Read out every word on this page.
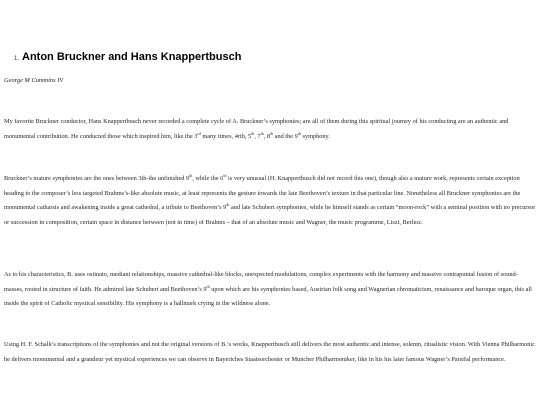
1. Anton Bruckner and Hans Knappertbusch
George M Cummins IV

My favorite Bruckner conductor, Hans Knappertbusch never recorded a complete cycle of A. Bruckner’s symphonies; are all of them during this spiritual journey of his conducting are an authentic and monumental contribution. He conducted those which inspired him, like the 3rd many times, 4rth, 5th, 7th, 8th and the 9th symphony.

Bruckner’s mature symphonies are the ones between 3th-the unfinished 9th, while the 6th is very unusual (H. Knappertbusch did not record this one), though also a mature work, represents certain exception heading to the composer’s less targeted Brahms’s-like absolute music, at least represents the gesture towards the late Beethoven’s texture in that particular line. Nonetheless all Bruckner symphonies are the monumental catharsis and awakening inside a great cathedral, a tribute to Beethoven’s 9th and late Schubert symphonies, while he himself stands as certain “moon-rock” with a seminal position with no precursor or succession in composition, certain space in distance between (not in time) of Brahms – that of an absolute music and Wagner, the music programme, Liszt, Berlioz.

As to his characteristics, B. uses ostinato, mediant relationships, massive cathedral-like blocks, unexpected modulations, complex experiments with the harmony and massive contrapuntal fusion of sound-masses, rooted in structure of faith. He admired late Schubert and Beethoven’s 9th upon which are his symphonies based, Austrian folk song and Wagnerian chromaticism, renaissance and baroque organ, this all inside the spirit of Catholic mystical sensibility. His symphony is a hallmark crying in the wildness alone.

Using H. F. Schalk’s transcriptions of the symphonies and not the original versions of B.’s works, Knappertbusch still delivers the most authentic and intense, solemn, ritualistic vision. With Vienna Philharmonic he delivers monumental and a grandeur yet mystical experiences we can observe in Bayeriches Staatsorchester or Muncher Philharmoniker, like in his his later famous Wagner’s Parsifal performance.
